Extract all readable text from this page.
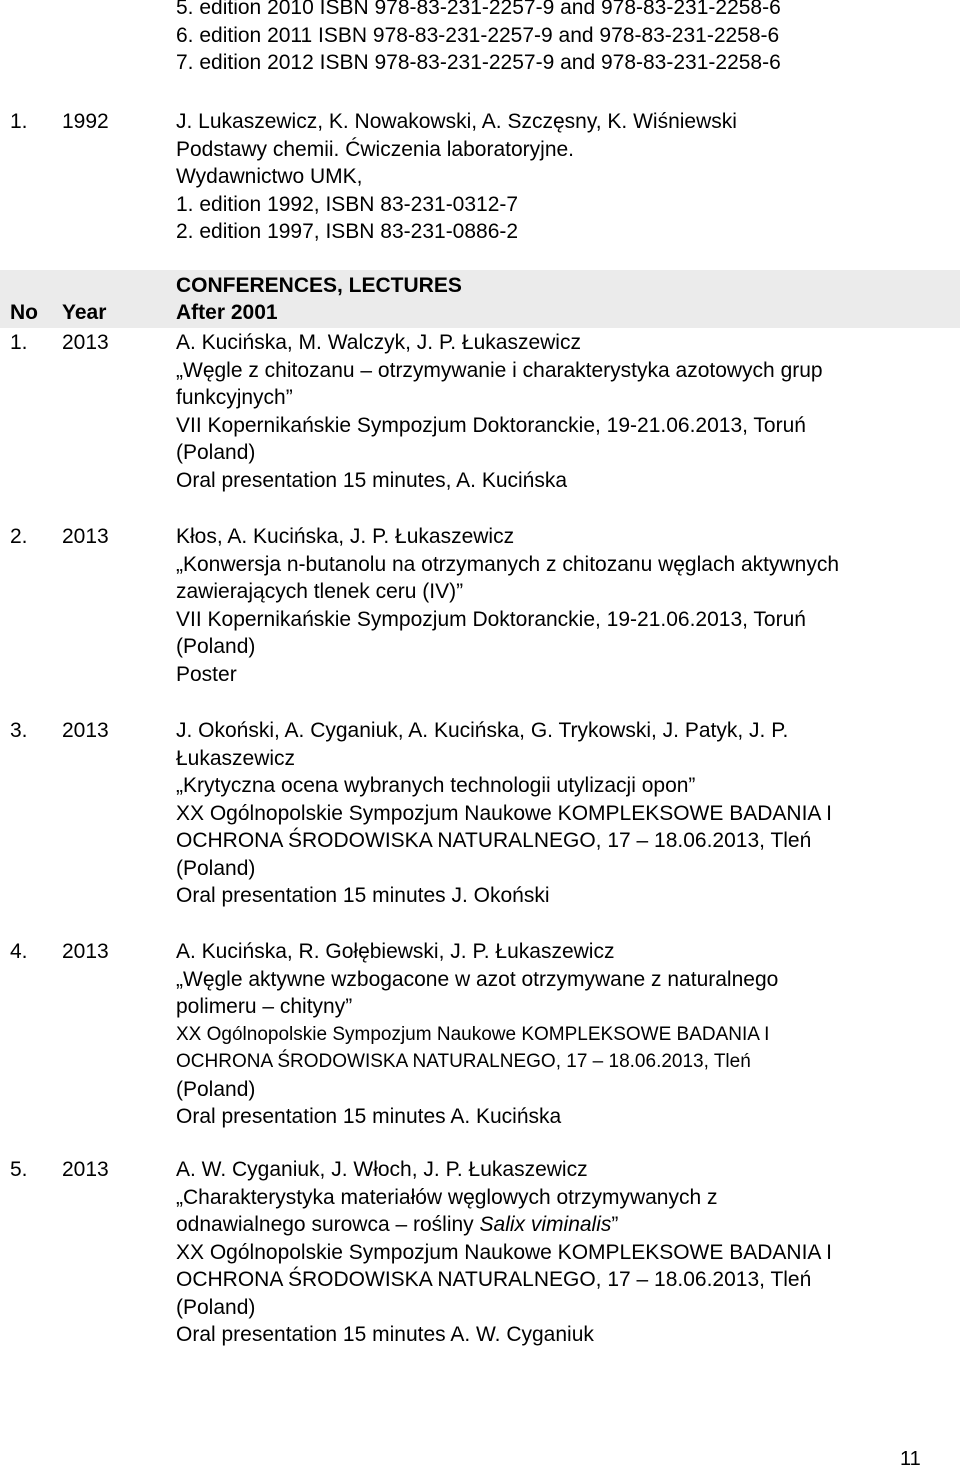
5. edition 2010 ISBN 978-83-231-2257-9 and 978-83-231-2258-6
6. edition 2011 ISBN 978-83-231-2257-9 and 978-83-231-2258-6
7. edition 2012 ISBN 978-83-231-2257-9 and 978-83-231-2258-6
1. 1992	J. Lukaszewicz, K. Nowakowski, A. Szczęsny, K. Wiśniewski
Podstawy chemii. Ćwiczenia laboratoryjne.
Wydawnictwo UMK,
1. edition 1992, ISBN 83-231-0312-7
2. edition 1997, ISBN 83-231-0886-2
CONFERENCES, LECTURES
No Year	After 2001
1. 2013	A. Kucińska, M. Walczyk, J. P. Łukaszewicz
„Węgle z chitozanu – otrzymywanie i charakterystyka azotowych grup
funkcyjnych”
VII Kopernikańskie Sympozjum Doktoranckie, 19-21.06.2013, Toruń
(Poland)
Oral presentation 15 minutes, A. Kucińska
2. 2013	Kłos, A. Kucińska, J. P. Łukaszewicz
„Konwersja n-butanolu na otrzymanych z chitozanu węglach aktywnych
zawierających tlenek ceru (IV)”
VII Kopernikańskie Sympozjum Doktoranckie, 19-21.06.2013, Toruń
(Poland)
Poster
3. 2013	J. Okoński, A. Cyganiuk, A. Kucińska, G. Trykowski, J. Patyk, J. P.
Łukaszewicz
„Krytyczna ocena wybranych technologii utylizacji opon”
XX Ogólnopolskie Sympozjum Naukowe KOMPLEKSOWE BADANIA I
OCHRONA ŚRODOWISKA NATURALNEGO, 17 – 18.06.2013, Tleń
(Poland)
Oral presentation 15 minutes J. Okoński
4. 2013	A. Kucińska, R. Gołębiewski, J. P. Łukaszewicz
„Węgle aktywne wzbogacone w azot otrzymywane z naturalnego
polimeru – chityny”
XX Ogólnopolskie Sympozjum Naukowe KOMPLEKSOWE BADANIA I
OCHRONA ŚRODOWISKA NATURALNEGO, 17 – 18.06.2013, Tleń
(Poland)
Oral presentation 15 minutes A. Kucińska
5. 2013	A. W. Cyganiuk, J. Włoch, J. P. Łukaszewicz
„Charakterystyka materiałów węglowych otrzymywanych z
odnawialnego surowca – rośliny Salix viminalis”
XX Ogólnopolskie Sympozjum Naukowe KOMPLEKSOWE BADANIA I
OCHRONA ŚRODOWISKA NATURALNEGO, 17 – 18.06.2013, Tleń
(Poland)
Oral presentation 15 minutes A. W. Cyganiuk
11
